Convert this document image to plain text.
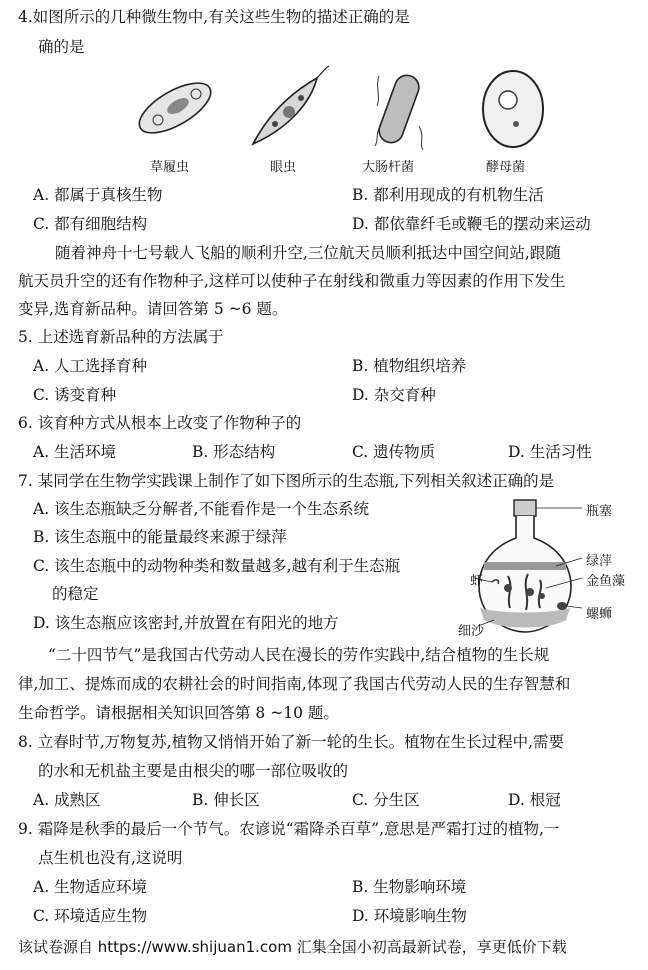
4.如图所示的几种微生物中,有关这些生物的描述正确的是
确的是
草履虫	眼虫	大肠杆菌	酵母菌
A. 都属于真核生物	B. 都利用现成的有机物生活
C. 都有细胞结构	D. 都依靠纤毛或鞭毛的摆动来运动
随着神舟十七号载人飞船的顺利升空,三位航天员顺利抵达中国空间站,跟随
航天员升空的还有作物种子,这样可以使种子在射线和微重力等因素的作用下发生
变异,选育新品种。请回答第 5 ~6 题。
5. 上述选育新品种的方法属于
A. 人工选择育种	B. 植物组织培养
C. 诱变育种	D. 杂交育种
6. 该育种方式从根本上改变了作物种子的
A. 生活环境	B. 形态结构	C. 遗传物质	D. 生活习性
7. 某同学在生物学实践课上制作了如下图所示的生态瓶,下列相关叙述正确的是
A. 该生态瓶缺乏分解者,不能看作是一个生态系统
B. 该生态瓶中的能量最终来源于绿萍
C. 该生态瓶中的动物种类和数量越多,越有利于生态瓶
的稳定
D. 该生态瓶应该密封,并放置在有阳光的地方
瓶塞
绿萍
金鱼藻
虾
螺蛳
细沙
“二十四节气”是我国古代劳动人民在漫长的劳作实践中,结合植物的生长规
律,加工、提炼而成的农耕社会的时间指南,体现了我国古代劳动人民的生存智慧和
生命哲学。请根据相关知识回答第 8 ~10 题。
8. 立春时节,万物复苏,植物又悄悄开始了新一轮的生长。植物在生长过程中,需要
的水和无机盐主要是由根尖的哪一部位吸收的
A. 成熟区	B. 伸长区	C. 分生区	D. 根冠
9. 霜降是秋季的最后一个节气。农谚说“霜降杀百草”,意思是严霜打过的植物,一
点生机也没有,这说明
A. 生物适应环境	B. 生物影响环境
C. 环境适应生物	D. 环境影响生物
该试卷源自 https://www.shijuan1.com 汇集全国小初高最新试卷，享更低价下载
